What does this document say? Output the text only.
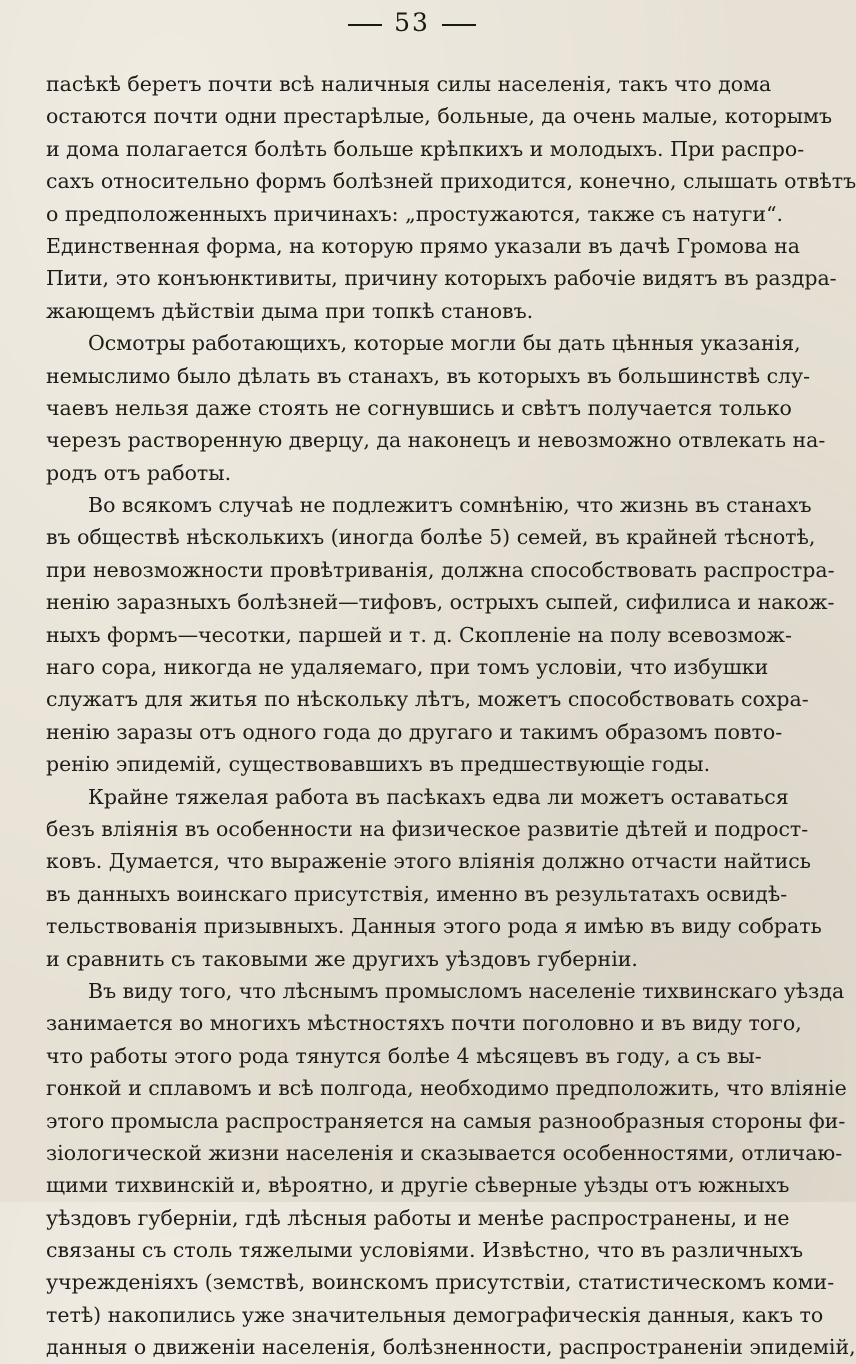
53
пасѣкѣ беретъ почти всѣ наличныя силы населенія, такъ что дома
остаются почти одни престарѣлые, больные, да очень малые, которымъ
и дома полагается болѣть больше крѣпкихъ и молодыхъ. При распро-
сахъ относительно формъ болѣзней приходится, конечно, слышать отвѣтъ
о предположенныхъ причинахъ: „простужаются, также съ натуги“.
Единственная форма, на которую прямо указали въ дачѣ Громова на
Пити, это конъюнктивиты, причину которыхъ рабочіе видятъ въ раздра-
жающемъ дѣйствіи дыма при топкѣ становъ.
Осмотры работающихъ, которые могли бы дать цѣнныя указанія,
немыслимо было дѣлать въ станахъ, въ которыхъ въ большинствѣ слу-
чаевъ нельзя даже стоять не согнувшись и свѣтъ получается только
черезъ растворенную дверцу, да наконецъ и невозможно отвлекать на-
родъ отъ работы.
Во всякомъ случаѣ не подлежитъ сомнѣнію, что жизнь въ станахъ
въ обществѣ нѣсколькихъ (иногда болѣе 5) семей, въ крайней тѣснотѣ,
при невозможности провѣтриванія, должна способствовать распростра-
ненію заразныхъ болѣзней—тифовъ, острыхъ сыпей, сифилиса и накож-
ныхъ формъ—чесотки, паршей и т. д. Скопленіе на полу всевозмож-
наго сора, никогда не удаляемаго, при томъ условіи, что избушки
служатъ для житья по нѣскольку лѣтъ, можетъ способствовать сохра-
ненію заразы отъ одного года до другаго и такимъ образомъ повто-
ренію эпидемій, существовавшихъ въ предшествующіе годы.
Крайне тяжелая работа въ пасѣкахъ едва ли можетъ оставаться
безъ вліянія въ особенности на физическое развитіе дѣтей и подрост-
ковъ. Думается, что выраженіе этого вліянія должно отчасти найтись
въ данныхъ воинскаго присутствія, именно въ результатахъ освидѣ-
тельствованія призывныхъ. Данныя этого рода я имѣю въ виду собрать
и сравнить съ таковыми же другихъ уѣздовъ губерніи.
Въ виду того, что лѣснымъ промысломъ населеніе тихвинскаго уѣзда
занимается во многихъ мѣстностяхъ почти поголовно и въ виду того,
что работы этого рода тянутся болѣе 4 мѣсяцевъ въ году, а съ вы-
гонкой и сплавомъ и всѣ полгода, необходимо предположить, что вліяніе
этого промысла распространяется на самыя разнообразныя стороны фи-
зіологической жизни населенія и сказывается особенностями, отличаю-
щими тихвинскій и, вѣроятно, и другіе сѣверные уѣзды отъ южныхъ
уѣздовъ губерніи, гдѣ лѣсныя работы и менѣе распространены, и не
связаны съ столь тяжелыми условіями. Извѣстно, что въ различныхъ
учрежденіяхъ (земствѣ, воинскомъ присутствіи, статистическомъ коми-
тетѣ) накопились уже значительныя демографическія данныя, какъ то
данныя о движеніи населенія, болѣзненности, распространеніи эпидемій,
